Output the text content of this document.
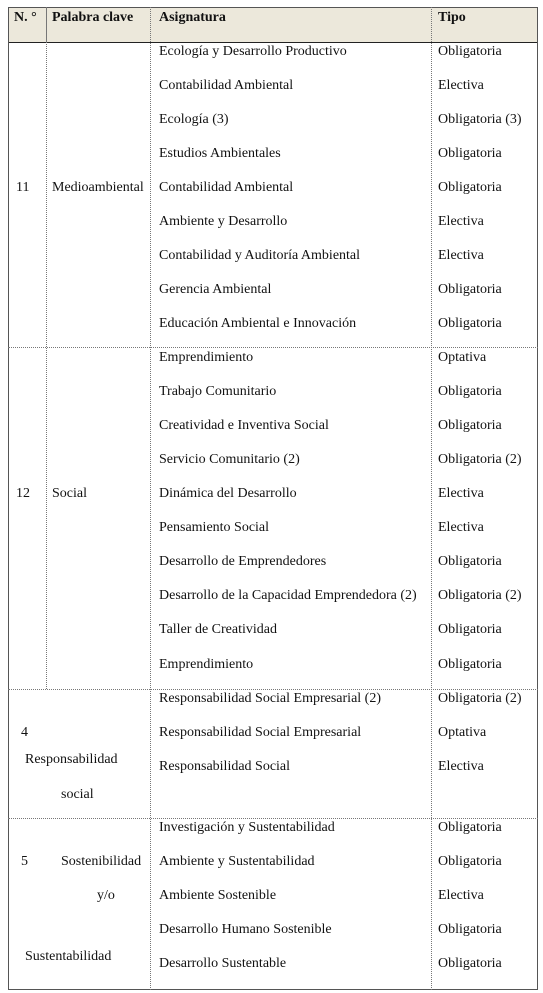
N. ° Palabra clave Asignatura	Tipo
11 Medioambiental
Ecología y Desarrollo Productivo	Obligatoria
Contabilidad Ambiental	Electiva
Ecología (3)	Obligatoria (3)
Estudios Ambientales	Obligatoria
Contabilidad Ambiental	Obligatoria
Ambiente y Desarrollo	Electiva
Contabilidad y Auditoría Ambiental	Electiva
Gerencia Ambiental	Obligatoria
Educación Ambiental e Innovación	Obligatoria
12 Social
Emprendimiento	Optativa
Trabajo Comunitario	Obligatoria
Creatividad e Inventiva Social	Obligatoria
Servicio Comunitario (2)	Obligatoria (2)
Dinámica del Desarrollo	Electiva
Pensamiento Social	Electiva
Desarrollo de Emprendedores	Obligatoria
Desarrollo de la Capacidad Emprendedora (2) Obligatoria (2)
Taller de Creatividad	Obligatoria
Emprendimiento	Obligatoria
4
Responsabilidad
social
Responsabilidad Social Empresarial (2)	Obligatoria (2)
Responsabilidad Social Empresarial	Optativa
Responsabilidad Social	Electiva
5 Sostenibilidad
y/o
Sustentabilidad
Investigación y Sustentabilidad	Obligatoria
Ambiente y Sustentabilidad	Obligatoria
Ambiente Sostenible	Electiva
Desarrollo Humano Sostenible	Obligatoria
Desarrollo Sustentable	Obligatoria
